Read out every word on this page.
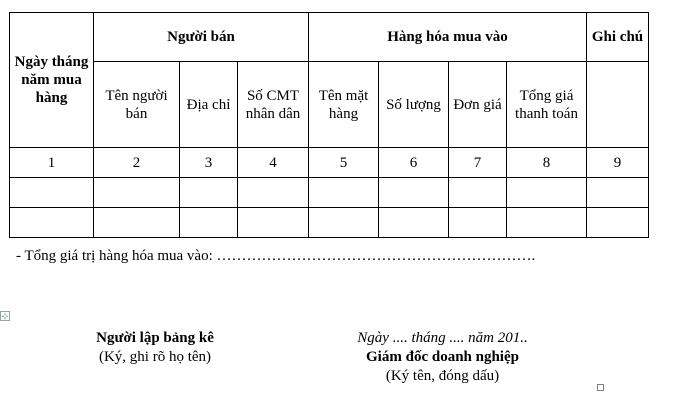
Ngày tháng năm mua hàng	Người bán			Hàng hóa mua vào				Ghi chú
	Tên người bán	Địa chỉ	Số CMT nhân dân	Tên mặt hàng	Số lượng	Đơn giá	Tổng giá thanh toán	
1	2	3	4	5	6	7	8	9

- Tổng giá trị hàng hóa mua vào: ……………………………………………………….
⊹
Người lập bảng kê
(Ký, ghi rõ họ tên)
Ngày .... tháng .... năm 201..
Giám đốc doanh nghiệp
(Ký tên, đóng dấu)
